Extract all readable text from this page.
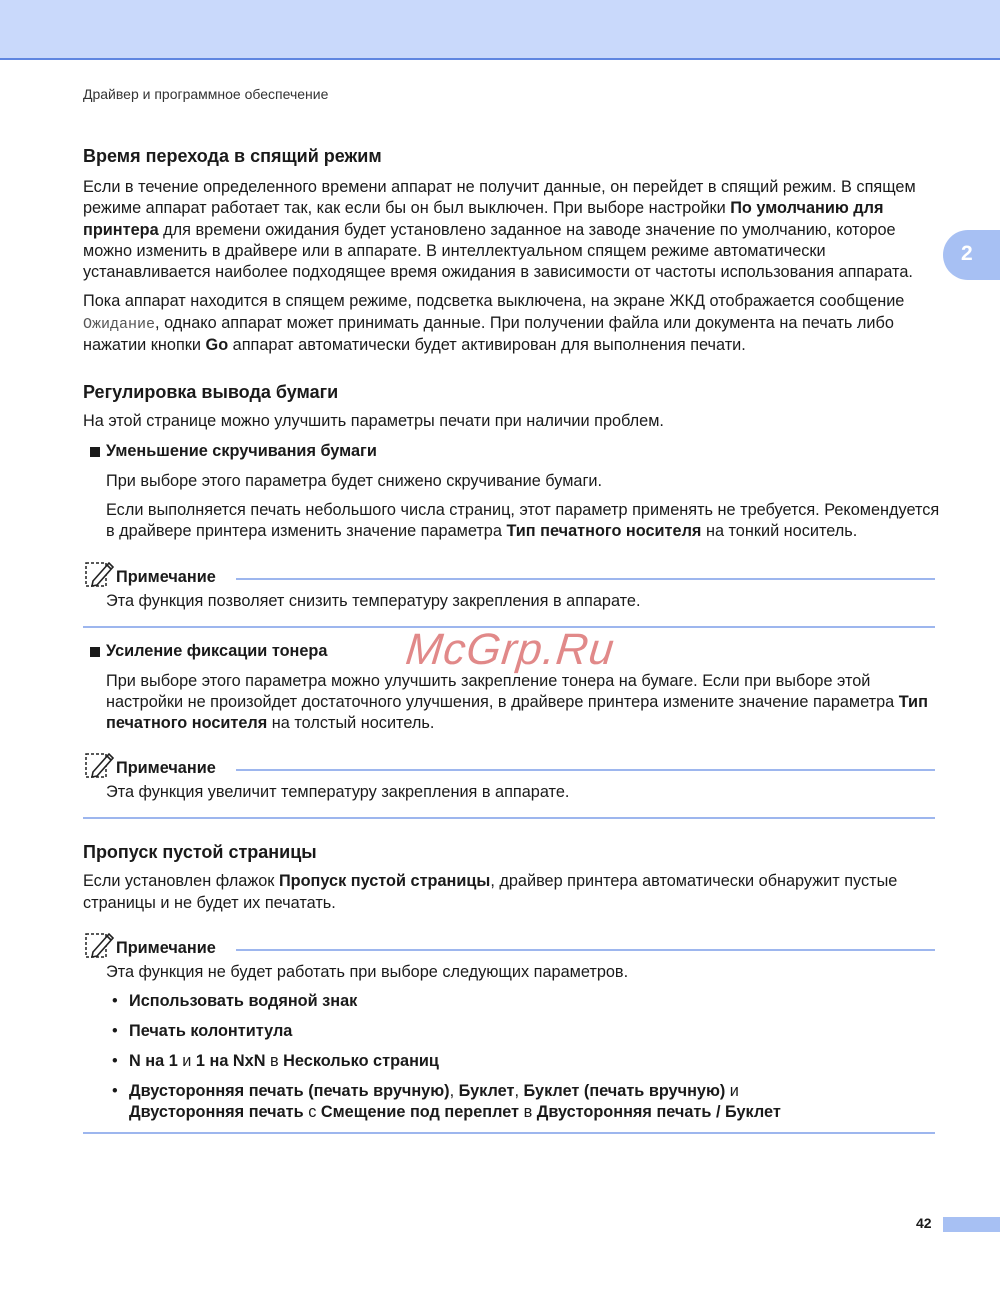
Драйвер и программное обеспечение
2
Время перехода в спящий режим

Если в течение определенного времени аппарат не получит данные, он перейдет в спящий режим. В спящем режиме аппарат работает так, как если бы он был выключен. При выборе настройки По умолчанию для принтера для времени ожидания будет установлено заданное на заводе значение по умолчанию, которое можно изменить в драйвере или в аппарате. В интеллектуальном спящем режиме автоматически устанавливается наиболее подходящее время ожидания в зависимости от частоты использования аппарата.

Пока аппарат находится в спящем режиме, подсветка выключена, на экране ЖКД отображается сообщение Ожидание, однако аппарат может принимать данные. При получении файла или документа на печать либо нажатии кнопки Go аппарат автоматически будет активирован для выполнения печати.

Регулировка вывода бумаги

На этой странице можно улучшить параметры печати при наличии проблем.

Уменьшение скручивания бумаги

При выборе этого параметра будет снижено скручивание бумаги.

Если выполняется печать небольшого числа страниц, этот параметр применять не требуется. Рекомендуется в драйвере принтера изменить значение параметра Тип печатного носителя на тонкий носитель.

Примечание

Эта функция позволяет снизить температуру закрепления в аппарате.

Усиление фиксации тонера

При выборе этого параметра можно улучшить закрепление тонера на бумаге. Если при выборе этой настройки не произойдет достаточного улучшения, в драйвере принтера измените значение параметра Тип печатного носителя на толстый носитель.

Примечание

Эта функция увеличит температуру закрепления в аппарате.

Пропуск пустой страницы

Если установлен флажок Пропуск пустой страницы, драйвер принтера автоматически обнаружит пустые страницы и не будет их печатать.

Примечание

Эта функция не будет работать при выборе следующих параметров.

• Использовать водяной знак
• Печать колонтитула
• N на 1 и 1 на NxN в Несколько страниц
• Двусторонняя печать (печать вручную), Буклет, Буклет (печать вручную) и
Двусторонняя печать с Смещение под переплет в Двусторонняя печать / Буклет
McGrp.Ru
42
